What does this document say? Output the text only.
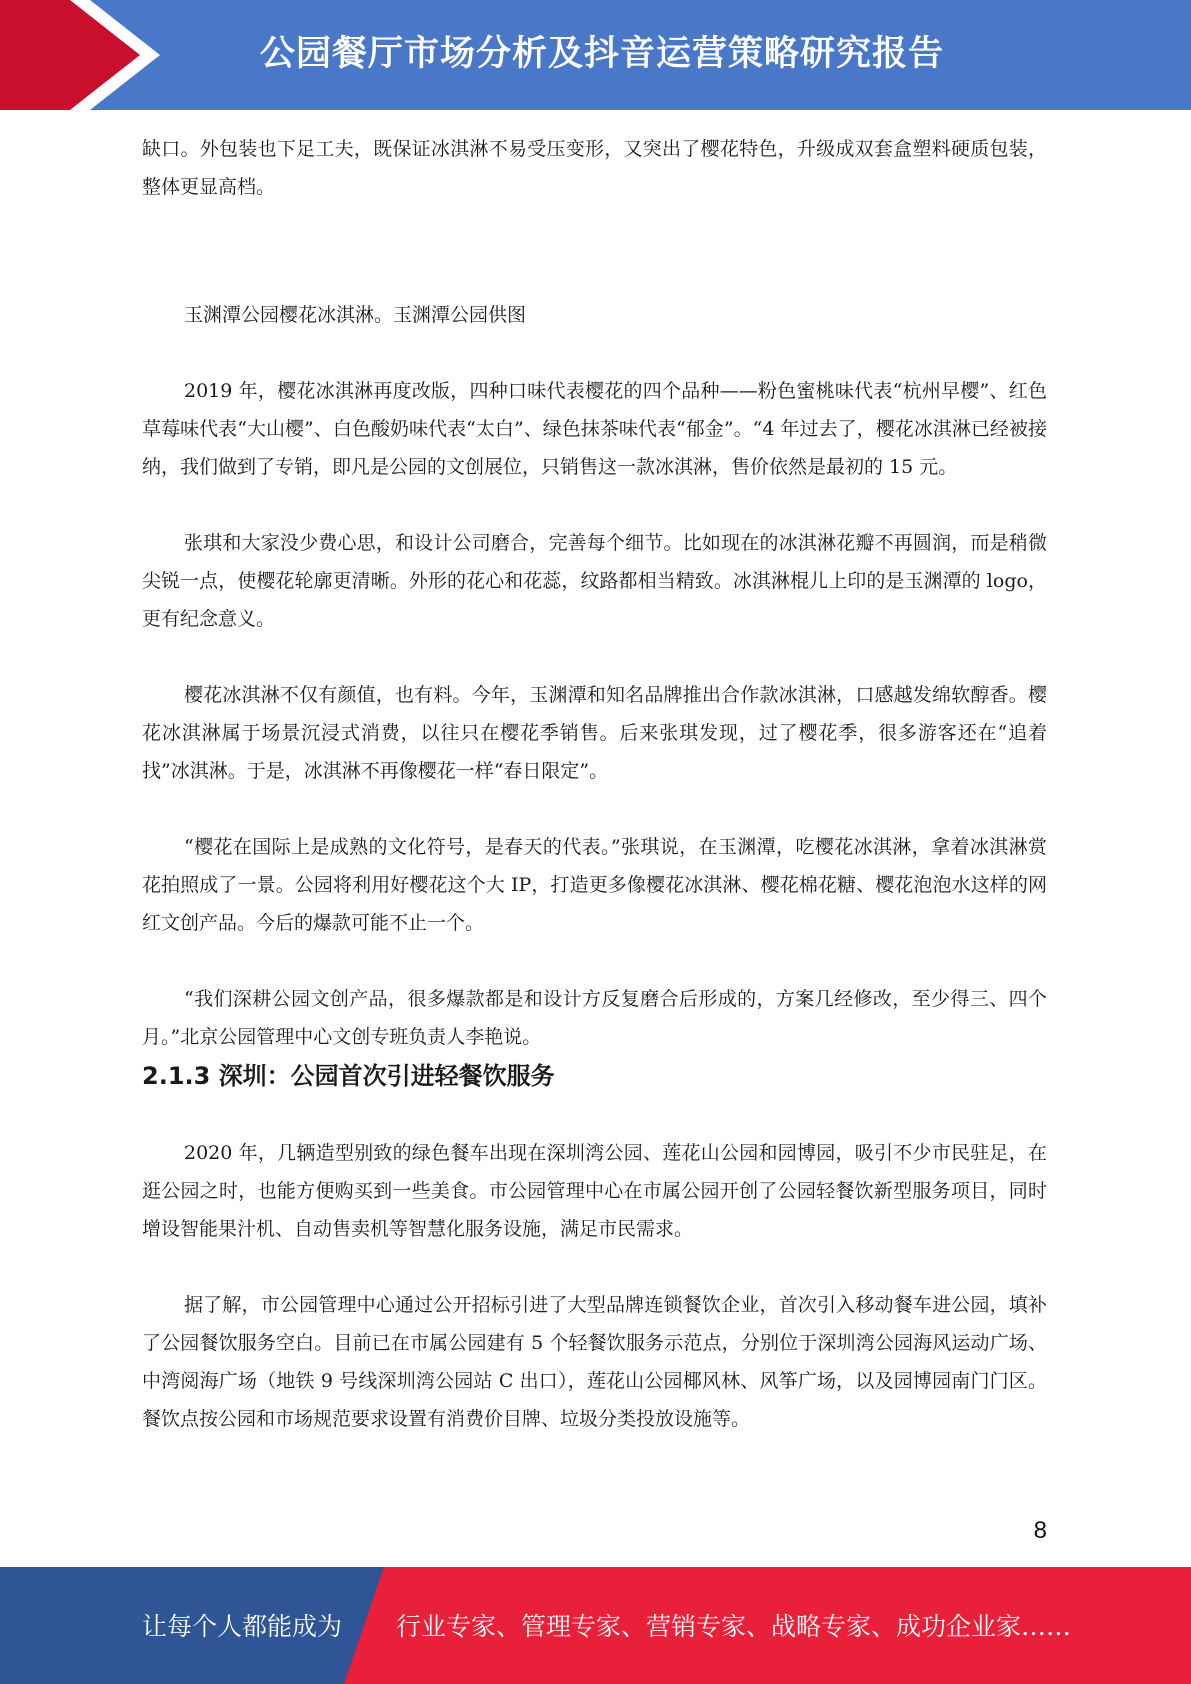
公园餐厅市场分析及抖音运营策略研究报告

缺口。外包装也下足工夫，既保证冰淇淋不易受压变形，又突出了樱花特色，升级成双套盒塑料硬质包装，整体更显高档。

玉渊潭公园樱花冰淇淋。玉渊潭公园供图

2019 年，樱花冰淇淋再度改版，四种口味代表樱花的四个品种——粉色蜜桃味代表“杭州早樱”、红色草莓味代表“大山樱”、白色酸奶味代表“太白”、绿色抹茶味代表“郁金”。“4 年过去了，樱花冰淇淋已经被接纳，我们做到了专销，即凡是公园的文创展位，只销售这一款冰淇淋，售价依然是最初的 15 元。

张琪和大家没少费心思，和设计公司磨合，完善每个细节。比如现在的冰淇淋花瓣不再圆润，而是稍微尖锐一点，使樱花轮廓更清晰。外形的花心和花蕊，纹路都相当精致。冰淇淋棍儿上印的是玉渊潭的 logo，更有纪念意义。

樱花冰淇淋不仅有颜值，也有料。今年，玉渊潭和知名品牌推出合作款冰淇淋，口感越发绵软醇香。樱花冰淇淋属于场景沉浸式消费，以往只在樱花季销售。后来张琪发现，过了樱花季，很多游客还在“追着找”冰淇淋。于是，冰淇淋不再像樱花一样“春日限定”。

“樱花在国际上是成熟的文化符号，是春天的代表。”张琪说，在玉渊潭，吃樱花冰淇淋，拿着冰淇淋赏花拍照成了一景。公园将利用好樱花这个大 IP，打造更多像樱花冰淇淋、樱花棉花糖、樱花泡泡水这样的网红文创产品。今后的爆款可能不止一个。

“我们深耕公园文创产品，很多爆款都是和设计方反复磨合后形成的，方案几经修改，至少得三、四个月。”北京公园管理中心文创专班负责人李艳说。

2.1.3 深圳：公园首次引进轻餐饮服务

2020 年，几辆造型别致的绿色餐车出现在深圳湾公园、莲花山公园和园博园，吸引不少市民驻足，在逛公园之时，也能方便购买到一些美食。市公园管理中心在市属公园开创了公园轻餐饮新型服务项目，同时增设智能果汁机、自动售卖机等智慧化服务设施，满足市民需求。

据了解，市公园管理中心通过公开招标引进了大型品牌连锁餐饮企业，首次引入移动餐车进公园，填补了公园餐饮服务空白。目前已在市属公园建有 5 个轻餐饮服务示范点，分别位于深圳湾公园海风运动广场、中湾阅海广场（地铁 9 号线深圳湾公园站 C 出口），莲花山公园椰风林、风筝广场，以及园博园南门门区。餐饮点按公园和市场规范要求设置有消费价目牌、垃圾分类投放设施等。

8
让每个人都能成为 行业专家、管理专家、营销专家、战略专家、成功企业家……
